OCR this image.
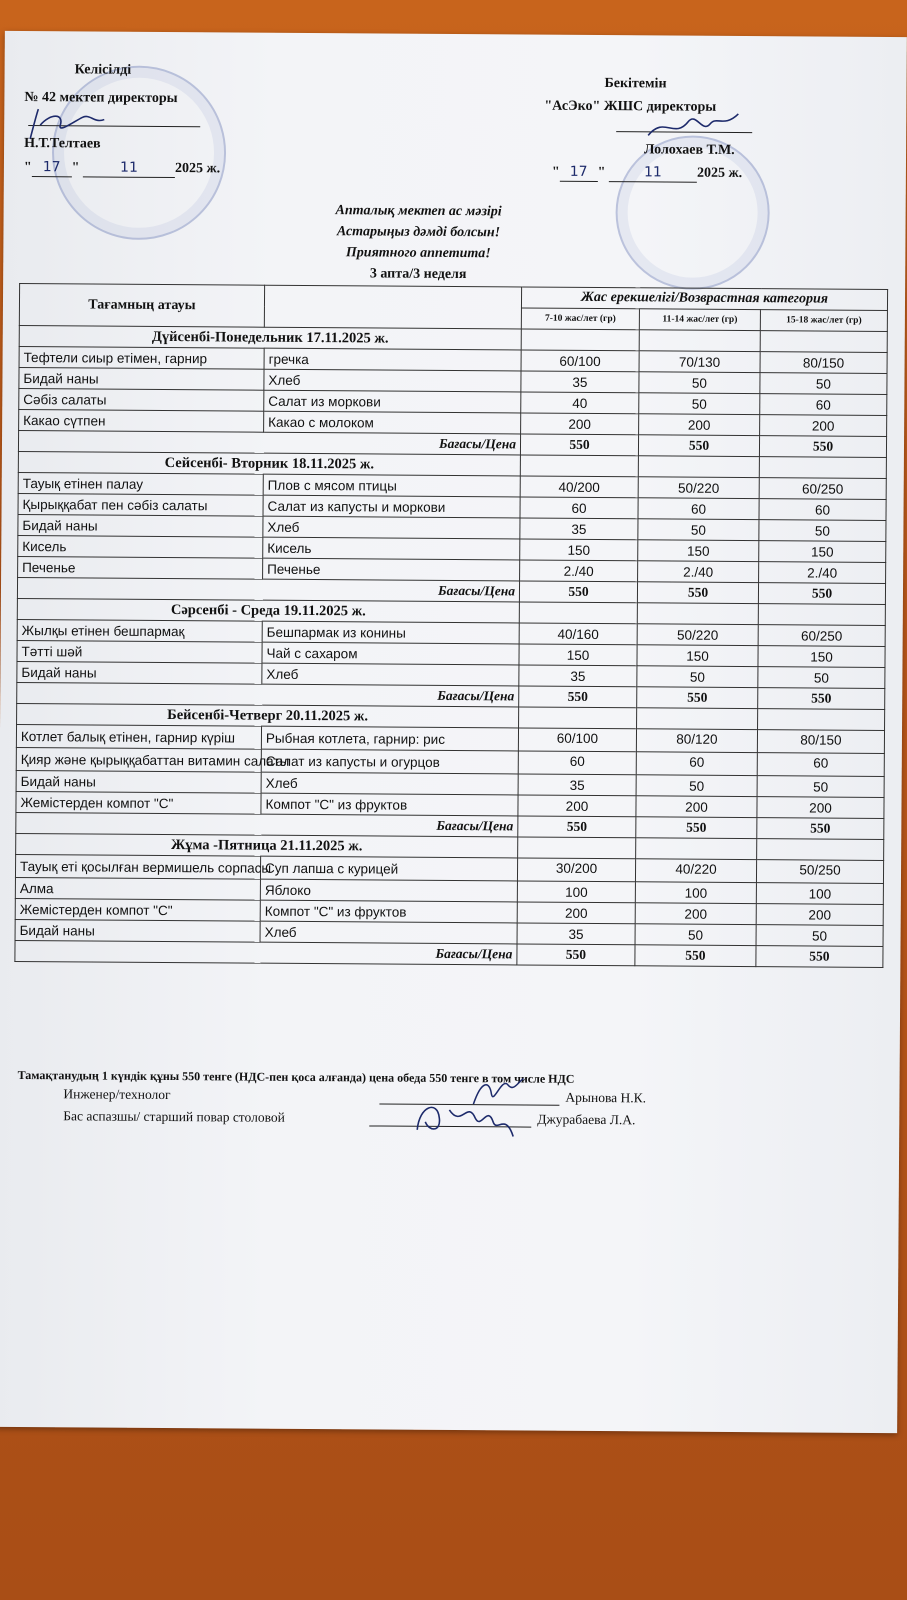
Келісілді
№ 42 мектеп директоры
Н.Т.Телтаев
" 17 "	11	2025 ж.
Бекітемін
"АсЭко" ЖШС директоры
Лолохаев Т.М.
" 17 " 11 2025 ж.
Апталық мектеп ас мәзірі
Астарыңыз дәмді болсын!
Приятного аппетита!
3 апта/3 неделя
Тағамның атауы		Жас ерекшелігі/Возврастная категория		
		7-10 жас/лет (гр)	11-14 жас/лет (гр)	15-18 жас/лет (гр)
Дүйсенбі-Понедельник 17.11.2025 ж.				
Тефтели сиыр етімен, гарнир	гречка	60/100	70/130	80/150
Бидай наны	Хлеб	35	50	50
Сәбіз салаты	Салат из моркови	40	50	60
Какао сүтпен	Какао с молоком	200	200	200
Бағасы/Цена		550	550	550
Сейсенбі- Вторник 18.11.2025 ж.				
Тауық етінен палау	Плов с мясом птицы	40/200	50/220	60/250
Қырыққабат пен сәбіз салаты	Салат из капусты и моркови	60	60	60
Бидай наны	Хлеб	35	50	50
Кисель	Кисель	150	150	150
Печенье	Печенье	2./40	2./40	2./40
Бағасы/Цена		550	550	550
Сәрсенбі - Среда 19.11.2025 ж.				
Жылқы етінен бешпармақ	Бешпармак из конины	40/160	50/220	60/250
Тәтті шәй	Чай с сахаром	150	150	150
Бидай наны	Хлеб	35	50	50
Бағасы/Цена		550	550	550
Бейсенбі-Четверг 20.11.2025 ж.				
Котлет балық етінен, гарнир күріш	Рыбная котлета, гарнир: рис	60/100	80/120	80/150
Қияр және қырыққабаттан витамин салаты	Салат из капусты и огурцов	60	60	60
Бидай наны	Хлеб	35	50	50
Жемістерден компот "С"	Компот "С" из фруктов	200	200	200
Бағасы/Цена		550	550	550
Жұма -Пятница 21.11.2025 ж.				
Тауық еті қосылған вермишель сорпасы	Суп лапша с курицей	30/200	40/220	50/250
Алма	Яблоко	100	100	100
Жемістерден компот "С"	Компот "С" из фруктов	200	200	200
Бидай наны	Хлеб	35	50	50
Бағасы/Цена		550	550	550
Тамақтанудың 1 күндік құны 550 тенге (НДС-пен қоса алғанда) цена обеда 550 тенге в том числе НДС
Инженер/технолог	Арынова Н.К.
Бас аспазшы/ старший повар столовой	Джурабаева Л.А.
